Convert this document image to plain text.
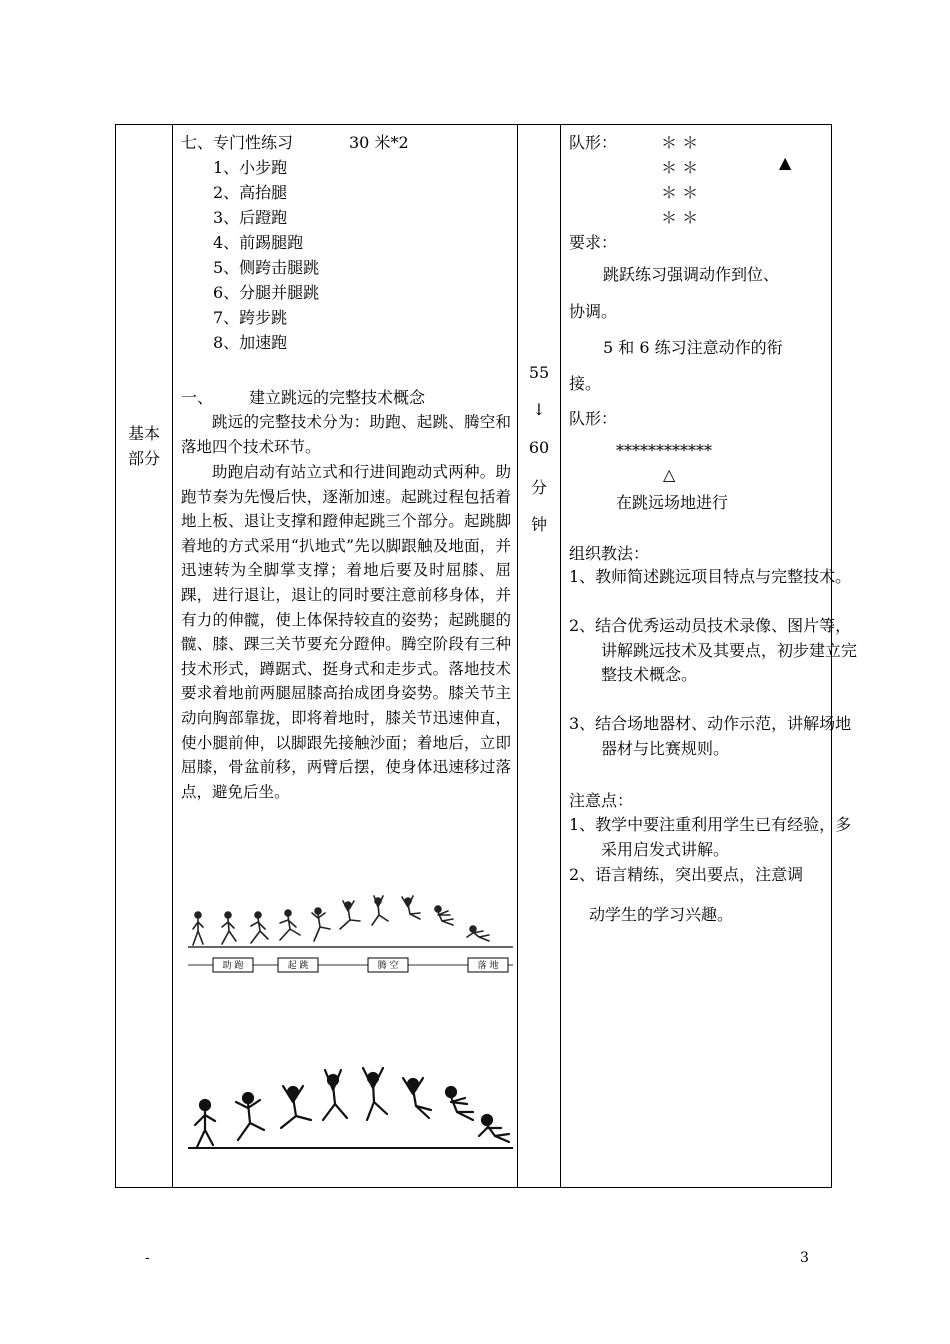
基本
部分

七、专门性练习	30 米*2
1、小步跑
2、高抬腿
3、后蹬跑
4、前踢腿跑
5、侧跨击腿跳
6、分腿并腿跳
7、跨步跳
8、加速跑
一、 建立跳远的完整技术概念
跳远的完整技术分为：助跑、起跳、腾空和落地四个技术环节。
助跑启动有站立式和行进间跑动式两种。助跑节奏为先慢后快，逐渐加速。起跳过程包括着地上板、退让支撑和蹬伸起跳三个部分。起跳脚着地的方式采用“扒地式”先以脚跟触及地面，并迅速转为全脚掌支撑；着地后要及时屈膝、屈踝，进行退让，退让的同时要注意前移身体，并有力的伸髋，使上体保持较直的姿势；起跳腿的髋、膝、踝三关节要充分蹬伸。腾空阶段有三种技术形式，蹲踞式、挺身式和走步式。落地技术要求着地前两腿屈膝高抬成团身姿势。膝关节主动向胸部靠拢，即将着地时，膝关节迅速伸直，使小腿前伸，以脚跟先接触沙面；着地后，立即屈膝，骨盆前移，两臂后摆，使身体迅速移过落点，避免后坐。
助 跑	起 跳	腾 空	落 地

55
↓
60
分
钟

队形：	＊ ＊
＊ ＊	▲
＊ ＊
＊ ＊
要求：
跳跃练习强调动作到位、
协调。
5 和 6 练习注意动作的衔
接。
队形：
************
△
在跳远场地进行
组织教法：
1、教师简述跳远项目特点与完整技术。
2、结合优秀运动员技术录像、图片等，讲解跳远技术及其要点，初步建立完整技术概念。
3、结合场地器材、动作示范，讲解场地器材与比赛规则。
注意点：
1、教学中要注重利用学生已有经验，多采用启发式讲解。
2、语言精练，突出要点，注意调
动学生的学习兴趣。
-	3
